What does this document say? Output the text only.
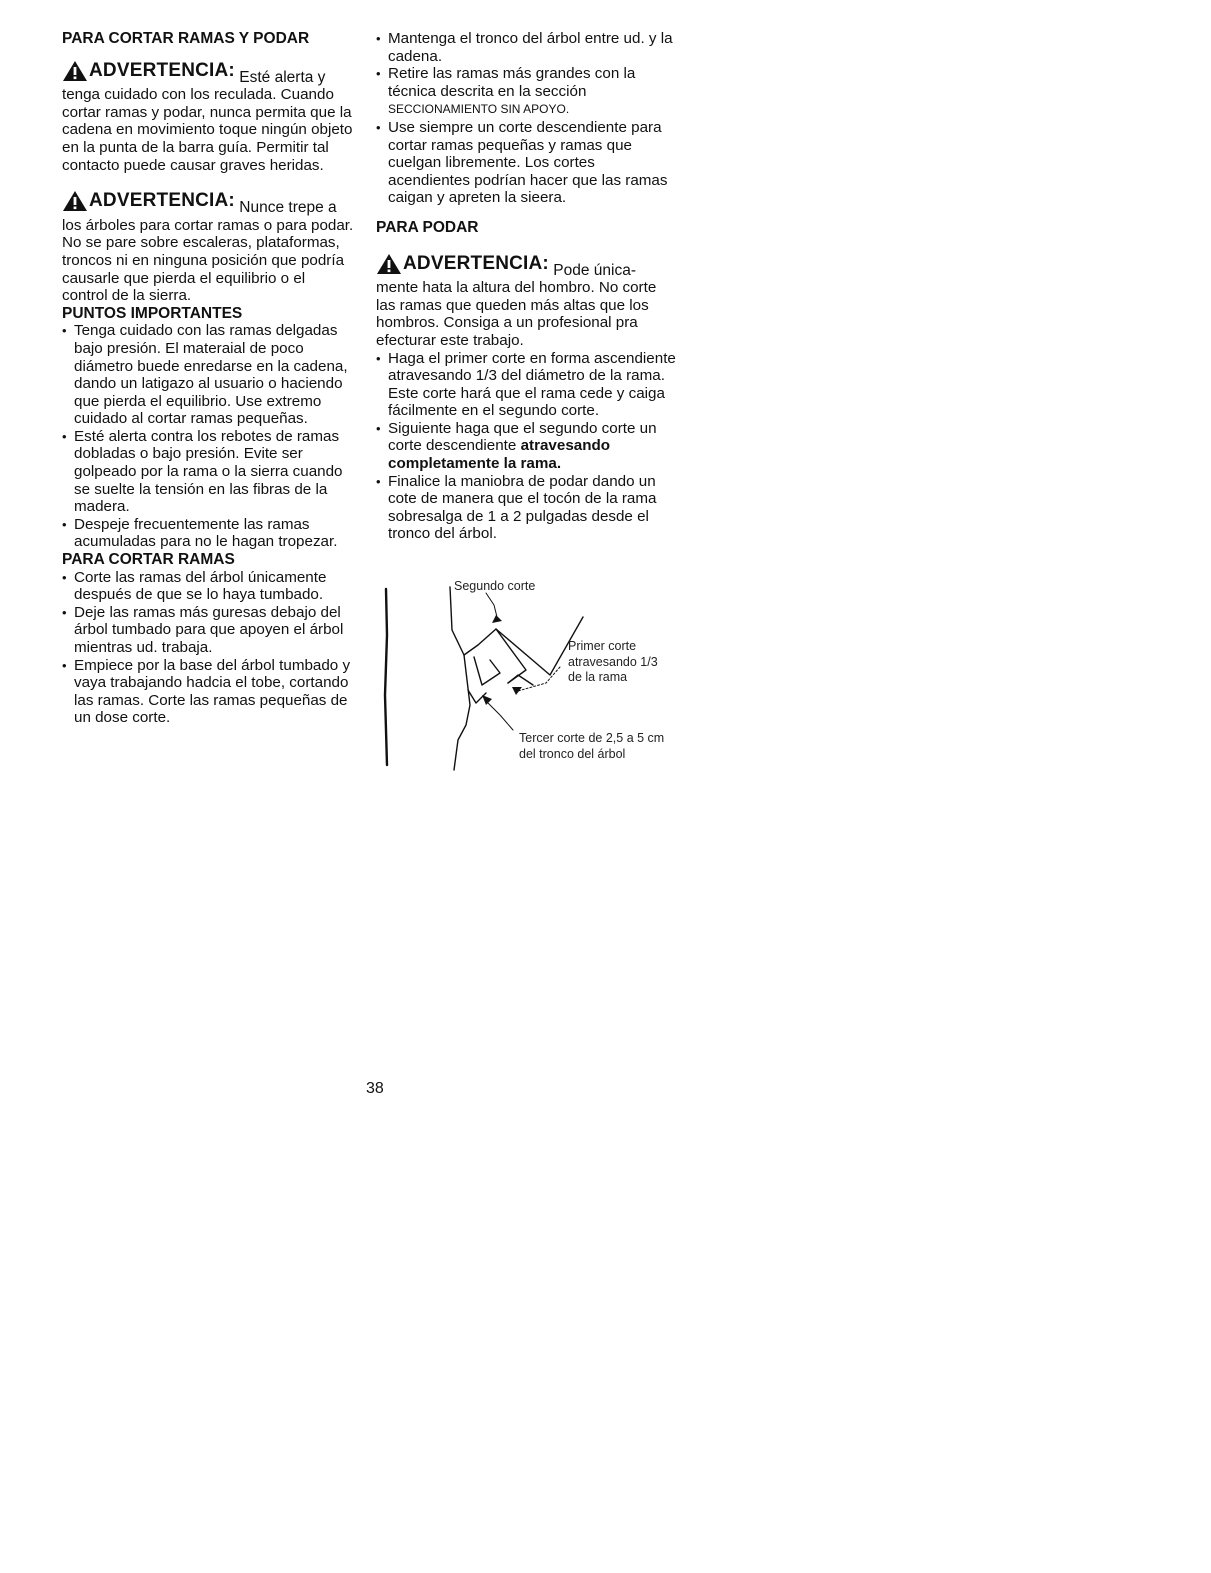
PARA CORTAR RAMAS Y PODAR

ADVERTENCIA: Esté alerta y tenga cuidado con los reculada. Cuando cortar ramas y podar, nunca permita que la cadena en movimiento toque ningún objeto en la punta de la barra guía. Permitir tal contacto puede causar graves heridas.

ADVERTENCIA: Nunce trepe a los árboles para cortar ramas o para podar. No se pare sobre escaleras, plataformas, troncos ni en ninguna posición que podría causarle que pierda el equilibrio o el control de la sierra.

PUNTOS IMPORTANTES
• Tenga cuidado con las ramas delgadas bajo presión. El materaial de poco diámetro buede enredarse en la cadena, dando un latigazo al usuario o haciendo que pierda el equilibrio. Use extremo cuidado al cortar ramas pequeñas.
• Esté alerta contra los rebotes de ramas dobladas o bajo presión. Evite ser golpeado por la rama o la sierra cuando se suelte la tensión en las fibras de la madera.
• Despeje frecuentemente las ramas acumuladas para no le hagan tropezar.
PARA CORTAR RAMAS
• Corte las ramas del árbol únicamente después de que se lo haya tumbado.
• Deje las ramas más guresas debajo del árbol tumbado para que apoyen el árbol mientras ud. trabaja.
• Empiece por la base del árbol tumbado y vaya trabajando hadcia el tobe, cortando las ramas. Corte las ramas pequeñas de un dose corte.
• Mantenga el tronco del árbol entre ud. y la cadena.
• Retire las ramas más grandes con la técnica descrita en la sección SECCIONAMIENTO SIN APOYO.
• Use siempre un corte descendiente para cortar ramas pequeñas y ramas que cuelgan libremente. Los cortes acendientes podrían hacer que las ramas caigan y apreten la sieera.
PARA PODAR

ADVERTENCIA: Pode única- mente hata la altura del hombro. No corte las ramas que queden más altas que los hombros. Consiga a un profesional pra efecturar este trabajo.

• Haga el primer corte en forma ascendiente atravesando 1/3 del diámetro de la rama. Este corte hará que el rama cede y caiga fácilmente en el segundo corte.
• Siguiente haga que el segundo corte un corte descendiente atravesando completamente la rama.
• Finalice la maniobra de podar dando un cote de manera que el tocón de la rama sobresalga de 1 a 2 pulgadas desde el tronco del árbol.
Segundo corte
Primer corte atravesando 1/3 de la rama
Tercer corte de 2,5 a 5 cm del tronco del árbol
38
